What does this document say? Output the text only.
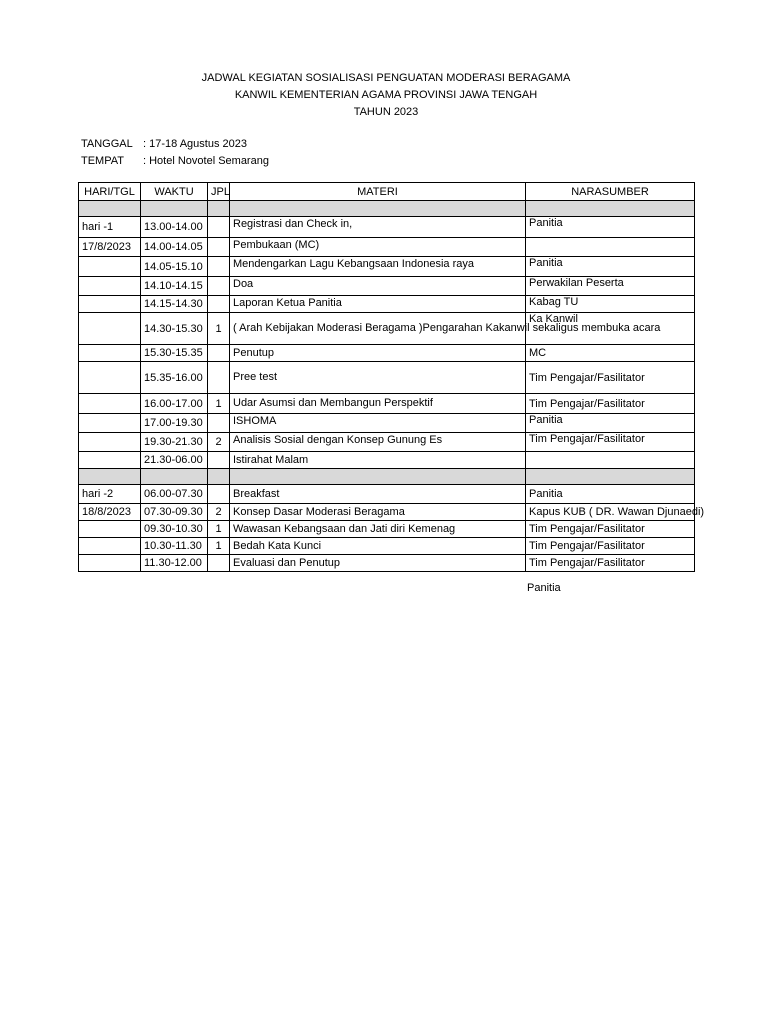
JADWAL KEGIATAN SOSIALISASI PENGUATAN MODERASI BERAGAMA
KANWIL KEMENTERIAN AGAMA PROVINSI JAWA TENGAH
TAHUN 2023
TANGGAL : 17-18 Agustus 2023
TEMPAT : Hotel Novotel Semarang
HARI/TGL	WAKTU	JPL	MATERI	NARASUMBER

hari -1	13.00-14.00		Registrasi dan Check in,	Panitia
17/8/2023	14.00-14.05		Pembukaan (MC)	
	14.05-15.10		Mendengarkan Lagu Kebangsaan Indonesia raya	Panitia
	14.10-14.15		Doa	Perwakilan Peserta
	14.15-14.30		Laporan Ketua Panitia	Kabag TU
	14.30-15.30	1	( Arah Kebijakan Moderasi Beragama )Pengarahan Kakanwil sekaligus membuka acara	Ka Kanwil
	15.30-15.35		Penutup	MC
	15.35-16.00		Pree test	Tim Pengajar/Fasilitator
	16.00-17.00	1	Udar Asumsi dan Membangun Perspektif	Tim Pengajar/Fasilitator
	17.00-19.30		ISHOMA	Panitia
	19.30-21.30	2	Analisis Sosial dengan Konsep Gunung Es	Tim Pengajar/Fasilitator
	21.30-06.00		Istirahat Malam	

hari -2	06.00-07.30		Breakfast	Panitia
18/8/2023	07.30-09.30	2	Konsep Dasar Moderasi Beragama	Kapus KUB ( DR. Wawan Djunaedi)
	09.30-10.30	1	Wawasan Kebangsaan dan Jati diri Kemenag	Tim Pengajar/Fasilitator
	10.30-11.30	1	Bedah Kata Kunci	Tim Pengajar/Fasilitator
	11.30-12.00		Evaluasi dan Penutup	Tim Pengajar/Fasilitator
Panitia
